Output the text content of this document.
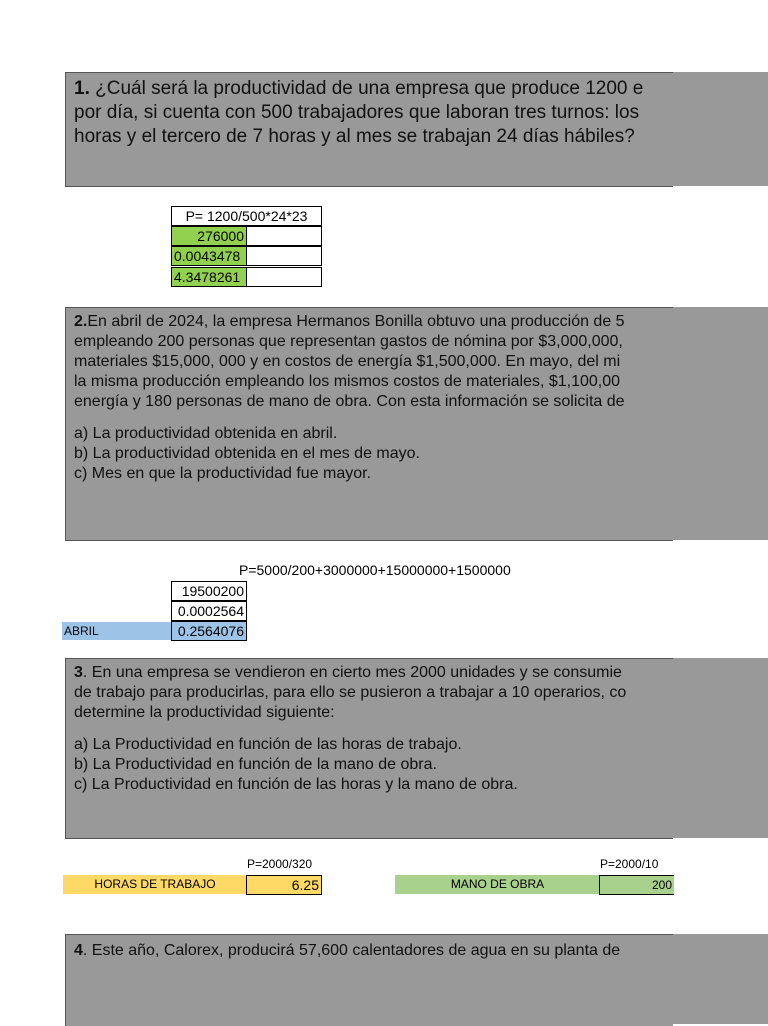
1. ¿Cuál será la productividad de una empresa que produce 1200 e
por día, si cuenta con 500 trabajadores que laboran tres turnos: los
horas y el tercero de 7 horas y al mes se trabajan 24 días hábiles?
P= 1200/500*24*23
276000
0.0043478
4.3478261
2.En abril de 2024, la empresa Hermanos Bonilla obtuvo una producción de 5
empleando 200 personas que representan gastos de nómina por $3,000,000,
materiales $15,000, 000 y en costos de energía $1,500,000. En mayo, del mi
la misma producción empleando los mismos costos de materiales, $1,100,00
energía y 180 personas de mano de obra. Con esta información se solicita de
a) La productividad obtenida en abril.
b) La productividad obtenida en el mes de mayo.
c) Mes en que la productividad fue mayor.
P=5000/200+3000000+15000000+1500000
19500200
0.0002564
ABRIL	0.2564076
3. En una empresa se vendieron en cierto mes 2000 unidades y se consumie
de trabajo para producirlas, para ello se pusieron a trabajar a 10 operarios, co
determine la productividad siguiente:
a) La Productividad en función de las horas de trabajo.
b) La Productividad en función de la mano de obra.
c) La Productividad en función de las horas y la mano de obra.
P=2000/320
HORAS DE TRABAJO	6.25
P=2000/10
MANO DE OBRA	200
4. Este año, Calorex, producirá 57,600 calentadores de agua en su planta de
